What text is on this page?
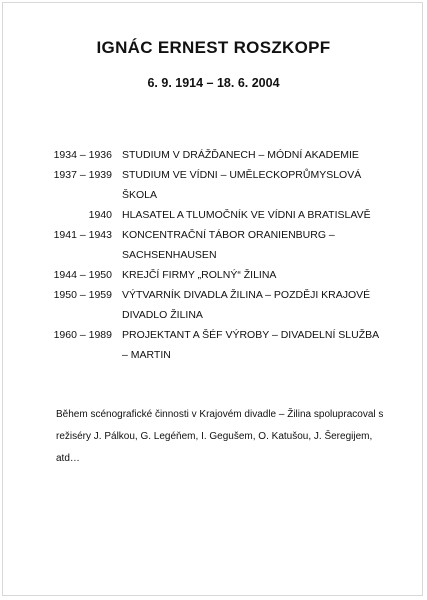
IGNÁC ERNEST ROSZKOPF
6. 9. 1914 – 18. 6. 2004
1934 – 1936 STUDIUM V DRÁŽĎANECH – MÓDNÍ AKADEMIE
1937 – 1939 STUDIUM VE VÍDNI – UMĚLECKOPRŮMYSLOVÁ ŠKOLA
1940 HLASATEL A TLUMOČNÍK VE VÍDNI A BRATISLAVĚ
1941 – 1943 KONCENTRAČNÍ TÁBOR ORANIENBURG – SACHSENHAUSEN
1944 – 1950 KREJČÍ FIRMY „ROLNÝ“ ŽILINA
1950 – 1959 VÝTVARNÍK DIVADLA ŽILINA – POZDĚJI KRAJOVÉ DIVADLO ŽILINA
1960 – 1989 PROJEKTANT A ŠÉF VÝROBY – DIVADELNÍ SLUŽBA – MARTIN
Během scénografické činnosti v Krajovém divadle – Žilina spolupracoval s režiséry J. Pálkou, G. Legéňem, I. Gegušem, O. Katušou, J. Šeregijem, atd…
